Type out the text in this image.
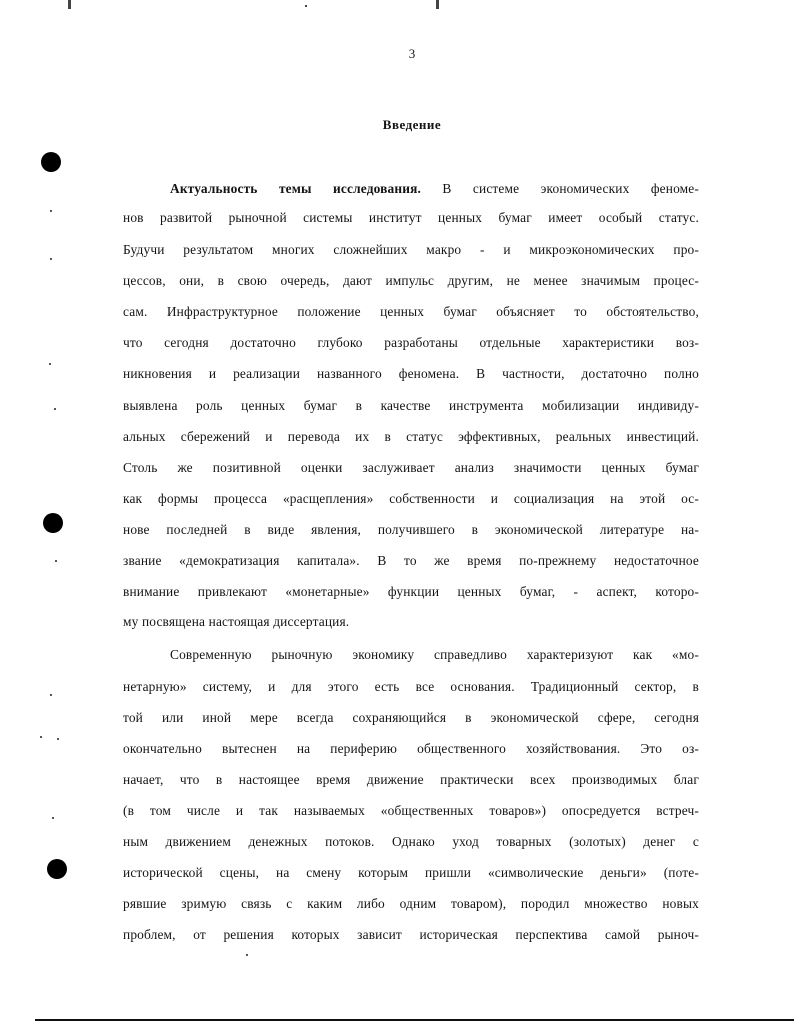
3
Введение
Актуальность темы исследования. В системе экономических феноме-
нов развитой рыночной системы институт ценных бумаг имеет особый статус.
Будучи результатом многих сложнейших макро - и микроэкономических про-
цессов, они, в свою очередь, дают импульс другим, не менее значимым процес-
сам. Инфраструктурное положение ценных бумаг объясняет то обстоятельство,
что сегодня достаточно глубоко разработаны отдельные характеристики воз-
никновения и реализации названного феномена. В частности, достаточно полно
выявлена роль ценных бумаг в качестве инструмента мобилизации индивиду-
альных сбережений и перевода их в статус эффективных, реальных инвестиций.
Столь же позитивной оценки заслуживает анализ значимости ценных бумаг
как формы процесса «расщепления» собственности и социализация на этой ос-
нове последней в виде явления, получившего в экономической литературе на-
звание «демократизация капитала». В то же время по-прежнему недостаточное
внимание привлекают «монетарные» функции ценных бумаг, - аспект, которо-
му посвящена настоящая диссертация.
Современную рыночную экономику справедливо характеризуют как «мо-
нетарную» систему, и для этого есть все основания. Традиционный сектор, в
той или иной мере всегда сохраняющийся в экономической сфере, сегодня
окончательно вытеснен на периферию общественного хозяйствования. Это оз-
начает, что в настоящее время движение практически всех производимых благ
(в том числе и так называемых «общественных товаров») опосредуется встреч-
ным движением денежных потоков. Однако уход товарных (золотых) денег с
исторической сцены, на смену которым пришли «символические деньги» (поте-
рявшие зримую связь с каким либо одним товаром), породил множество новых
проблем, от решения которых зависит историческая перспектива самой рыноч-
